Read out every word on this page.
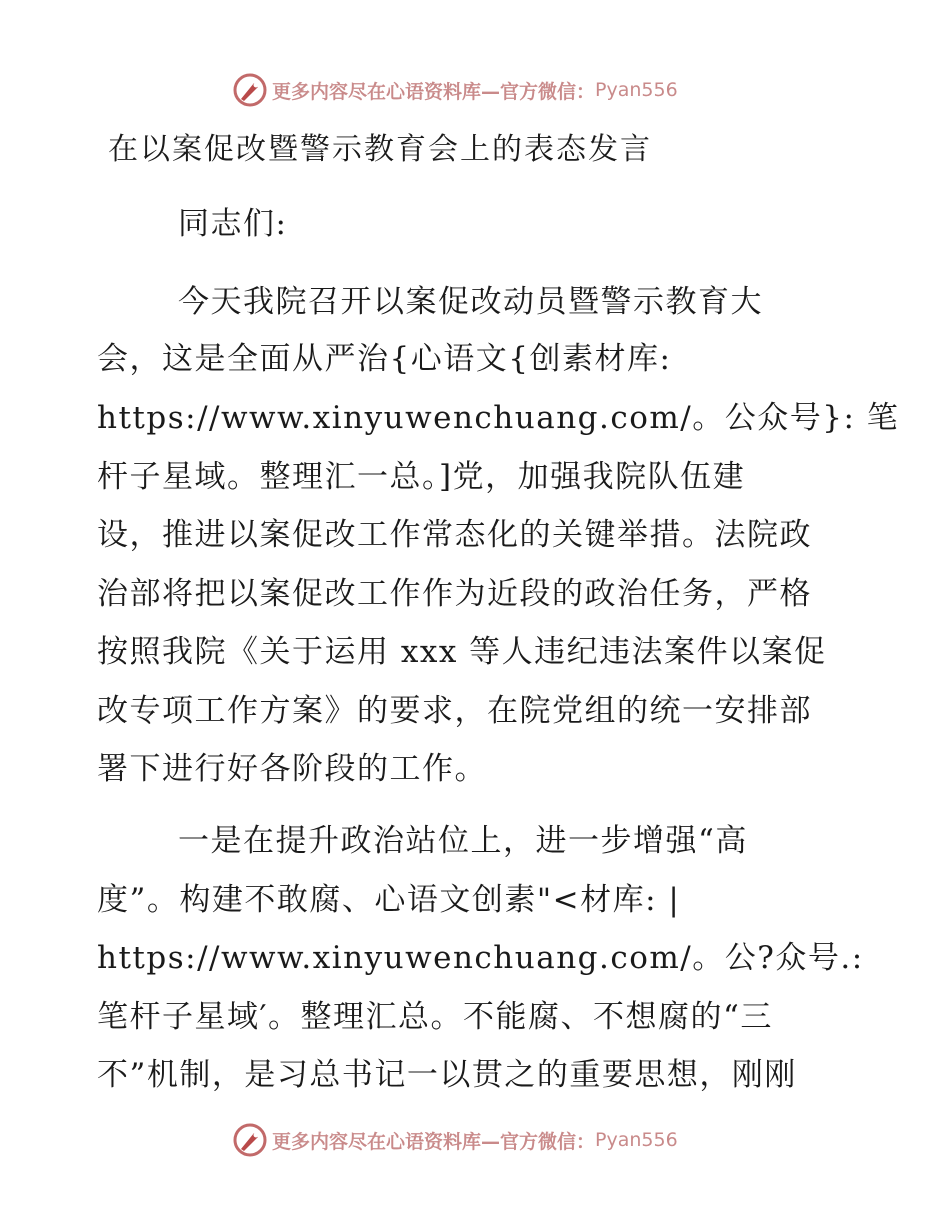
更多内容尽在心语资料库—官方微信： Pyan556
在以案促改暨警示教育会上的表态发言
同志们:
今天我院召开以案促改动员暨警示教育大
会，这是全面从严治{心语文{创素材库:
https://www.xinyuwenchuang.com/。公众号}: 笔
杆子星域。整理汇一总。]党，加强我院队伍建
设，推进以案促改工作常态化的关键举措。法院政
治部将把以案促改工作作为近段的政治任务，严格
按照我院《关于运用 xxx 等人违纪违法案件以案促
改专项工作方案》的要求，在院党组的统一安排部
署下进行好各阶段的工作。
一是在提升政治站位上，进一步增强“高
度”。构建不敢腐、心语文创素"<材库: |
https://www.xinyuwenchuang.com/。公?众号.:
笔杆子星域′。整理汇总。不能腐、不想腐的“三
不”机制，是习总书记一以贯之的重要思想，刚刚
更多内容尽在心语资料库—官方微信： Pyan556
